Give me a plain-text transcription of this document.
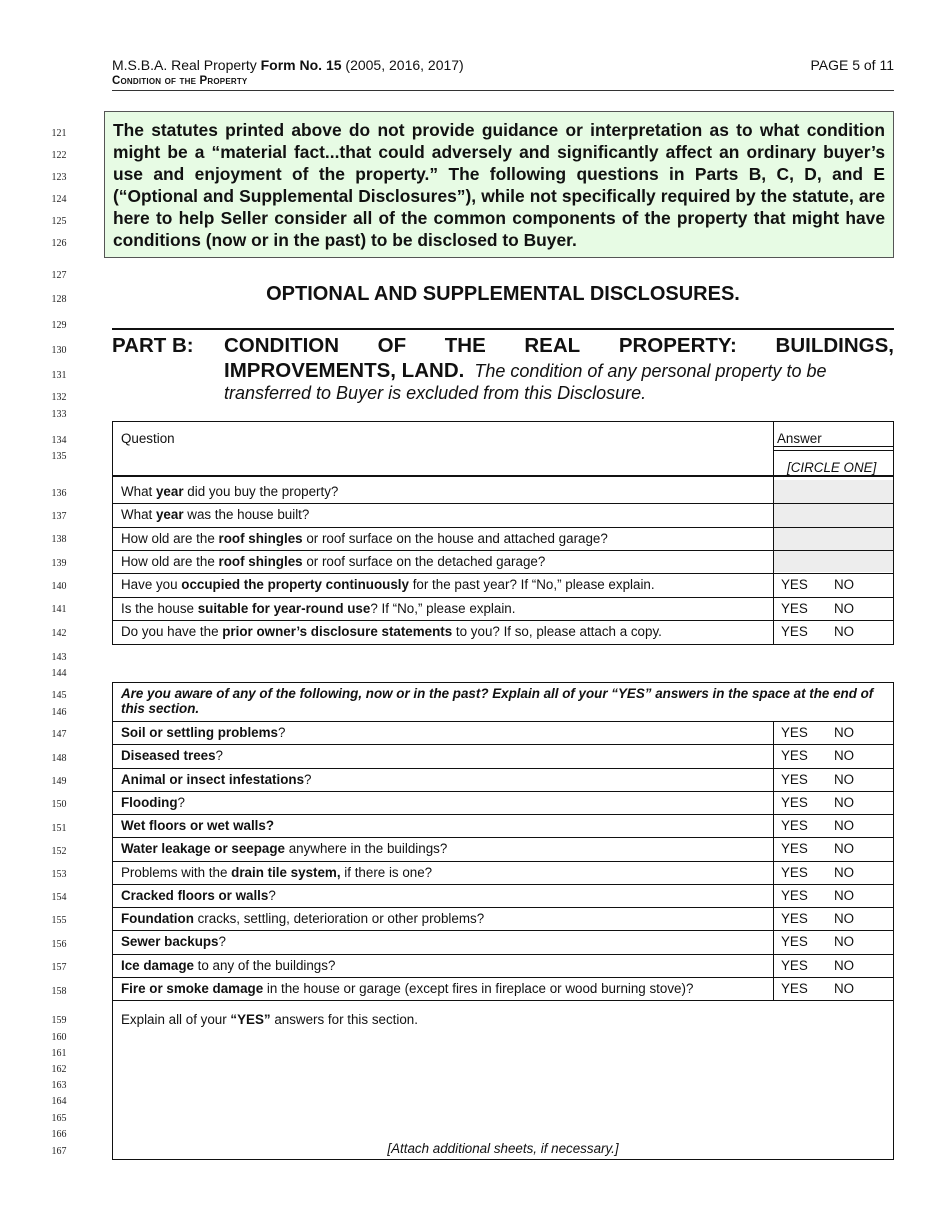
M.S.B.A. Real Property Form No. 15 (2005, 2016, 2017)
Condition of the Property
PAGE 5 of 11
121
122
123
124
125
126
127
128
129
130
131
132
133
134
135
136
137
138
139
140
141
142
143
144
145
146
147
148
149
150
151
152
153
154
155
156
157
158
159
160
161
162
163
164
165
166
167
The statutes printed above do not provide guidance or interpretation as to what condition might be a “material fact...that could adversely and significantly affect an ordinary buyer’s use and enjoyment of the property.” The following questions in Parts B, C, D, and E (“Optional and Supplemental Disclosures”), while not specifically required by the statute, are here to help Seller consider all of the common components of the property that might have conditions (now or in the past) to be disclosed to Buyer.
OPTIONAL AND SUPPLEMENTAL DISCLOSURES.
PART B: CONDITION OF THE REAL PROPERTY: BUILDINGS,
IMPROVEMENTS, LAND. The condition of any personal property to be
transferred to Buyer is excluded from this Disclosure.
Question	Answer
[CIRCLE ONE]
What year did you buy the property?
What year was the house built?
How old are the roof shingles or roof surface on the house and attached garage?
How old are the roof shingles or roof surface on the detached garage?
Have you occupied the property continuously for the past year? If “No,” please explain.	YES NO
Is the house suitable for year-round use? If “No,” please explain.	YES NO
Do you have the prior owner’s disclosure statements to you? If so, please attach a copy.	YES NO
Are you aware of any of the following, now or in the past? Explain all of your “YES” answers in the space at the end of this section.
Soil or settling problems?	YES NO
Diseased trees?	YES NO
Animal or insect infestations?	YES NO
Flooding?	YES NO
Wet floors or wet walls?	YES NO
Water leakage or seepage anywhere in the buildings?	YES NO
Problems with the drain tile system, if there is one?	YES NO
Cracked floors or walls?	YES NO
Foundation cracks, settling, deterioration or other problems?	YES NO
Sewer backups?	YES NO
Ice damage to any of the buildings?	YES NO
Fire or smoke damage in the house or garage (except fires in fireplace or wood burning stove)?	YES NO
Explain all of your “YES” answers for this section.
[Attach additional sheets, if necessary.]
